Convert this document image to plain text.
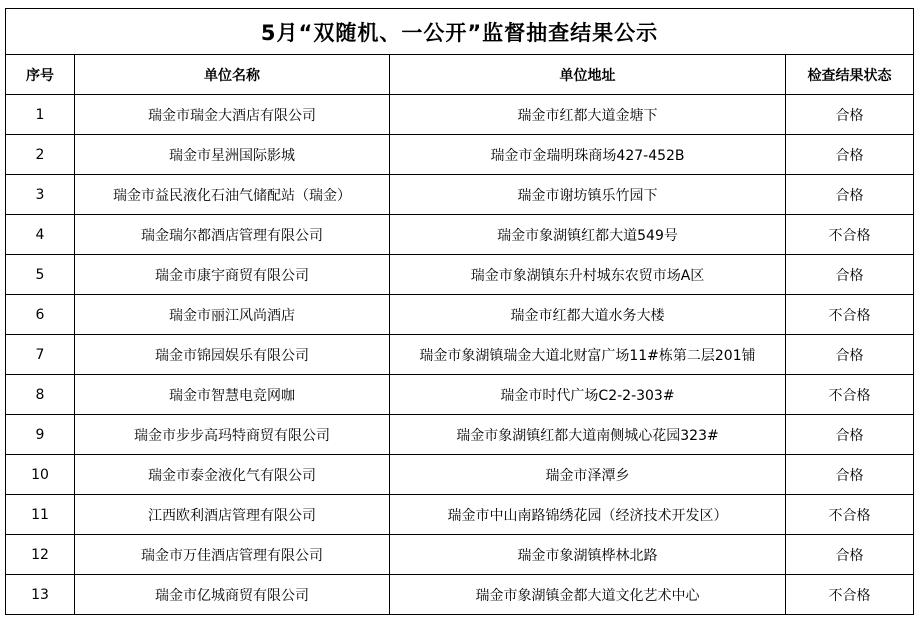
5月“双随机、一公开”监督抽查结果公示			
序号	单位名称	单位地址	检查结果状态
1	瑞金市瑞金大酒店有限公司	瑞金市红都大道金塘下	合格
2	瑞金市星洲国际影城	瑞金市金瑞明珠商场427-452B	合格
3	瑞金市益民液化石油气储配站（瑞金）	瑞金市谢坊镇乐竹园下	合格
4	瑞金瑞尔都酒店管理有限公司	瑞金市象湖镇红都大道549号	不合格
5	瑞金市康宇商贸有限公司	瑞金市象湖镇东升村城东农贸市场A区	合格
6	瑞金市丽江风尚酒店	瑞金市红都大道水务大楼	不合格
7	瑞金市锦园娱乐有限公司	瑞金市象湖镇瑞金大道北财富广场11#栋第二层201铺	合格
8	瑞金市智慧电竞网咖	瑞金市时代广场C2-2-303#	不合格
9	瑞金市步步高玛特商贸有限公司	瑞金市象湖镇红都大道南侧城心花园323#	合格
10	瑞金市泰金液化气有限公司	瑞金市泽潭乡	合格
11	江西欧利酒店管理有限公司	瑞金市中山南路锦绣花园（经济技术开发区）	不合格
12	瑞金市万佳酒店管理有限公司	瑞金市象湖镇桦林北路	合格
13	瑞金市亿城商贸有限公司	瑞金市象湖镇金都大道文化艺术中心	不合格
